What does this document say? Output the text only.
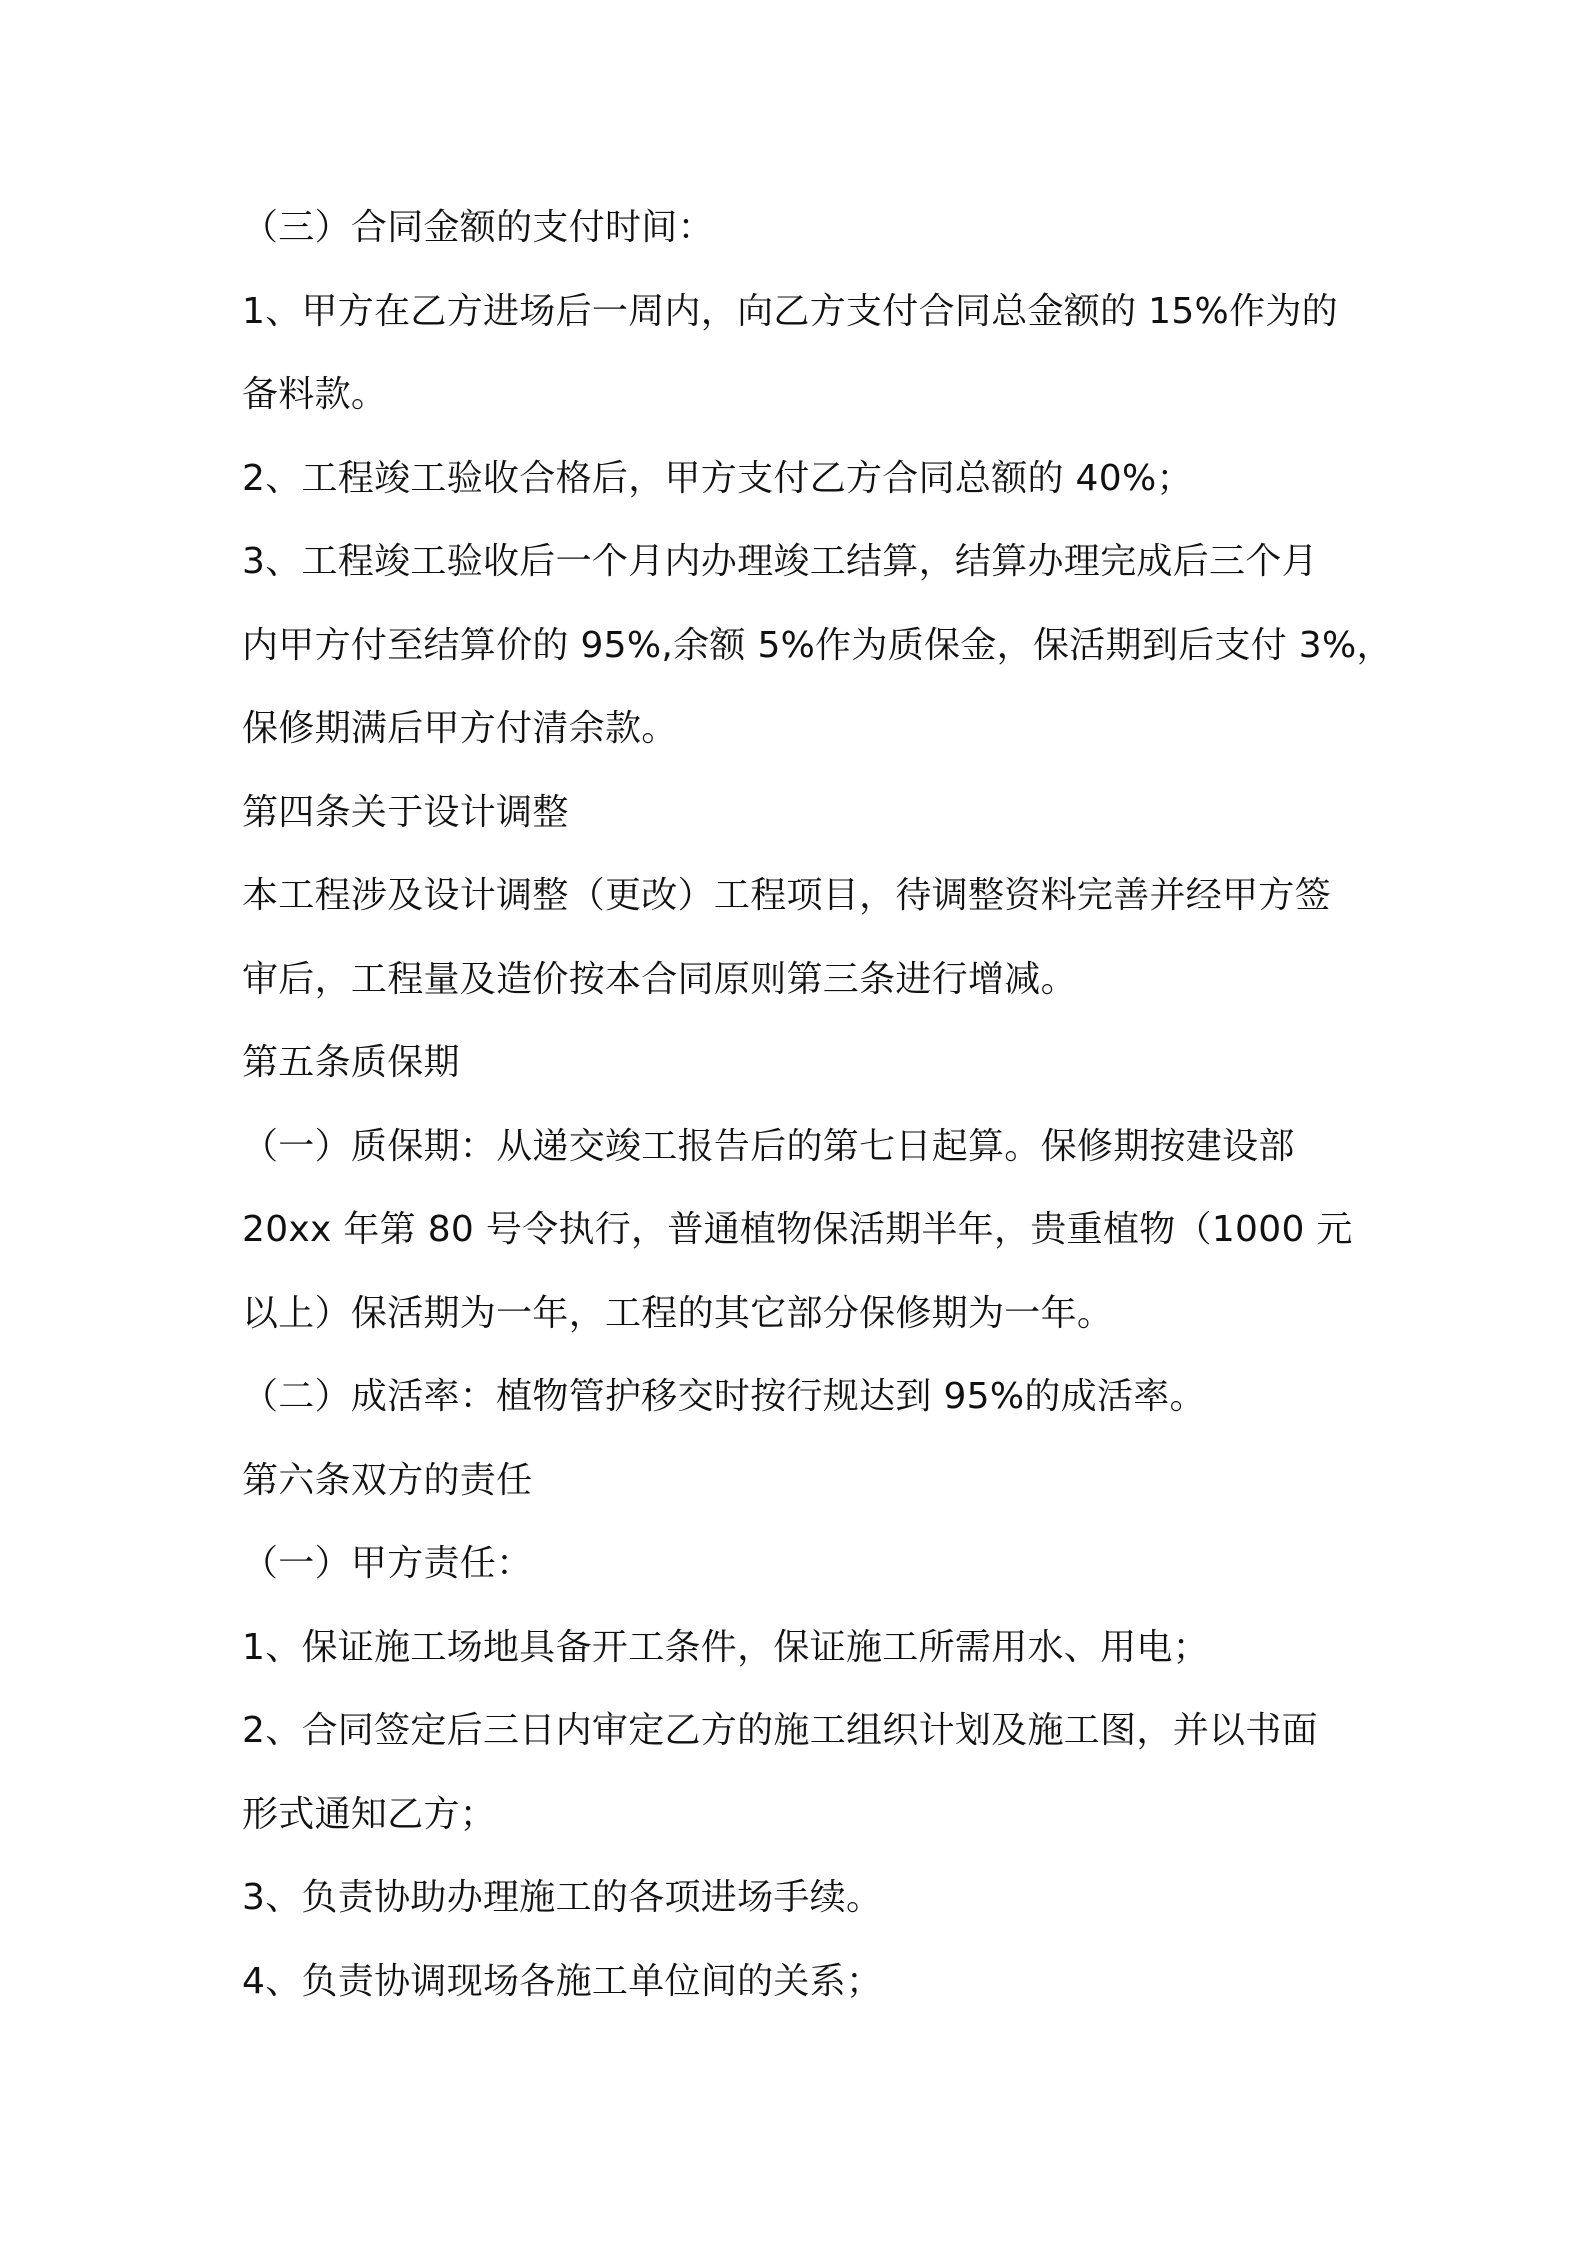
（三）合同金额的支付时间：
1、甲方在乙方进场后一周内，向乙方支付合同总金额的 15%作为的
备料款。
2、工程竣工验收合格后，甲方支付乙方合同总额的 40%；
3、工程竣工验收后一个月内办理竣工结算，结算办理完成后三个月
内甲方付至结算价的 95%,余额 5%作为质保金，保活期到后支付 3%，
保修期满后甲方付清余款。
第四条关于设计调整
本工程涉及设计调整（更改）工程项目，待调整资料完善并经甲方签
审后，工程量及造价按本合同原则第三条进行增减。
第五条质保期
（一）质保期：从递交竣工报告后的第七日起算。保修期按建设部
20xx 年第 80 号令执行，普通植物保活期半年，贵重植物（1000 元
以上）保活期为一年，工程的其它部分保修期为一年。
（二）成活率：植物管护移交时按行规达到 95%的成活率。
第六条双方的责任
（一）甲方责任：
1、保证施工场地具备开工条件，保证施工所需用水、用电；
2、合同签定后三日内审定乙方的施工组织计划及施工图，并以书面
形式通知乙方；
3、负责协助办理施工的各项进场手续。
4、负责协调现场各施工单位间的关系；
